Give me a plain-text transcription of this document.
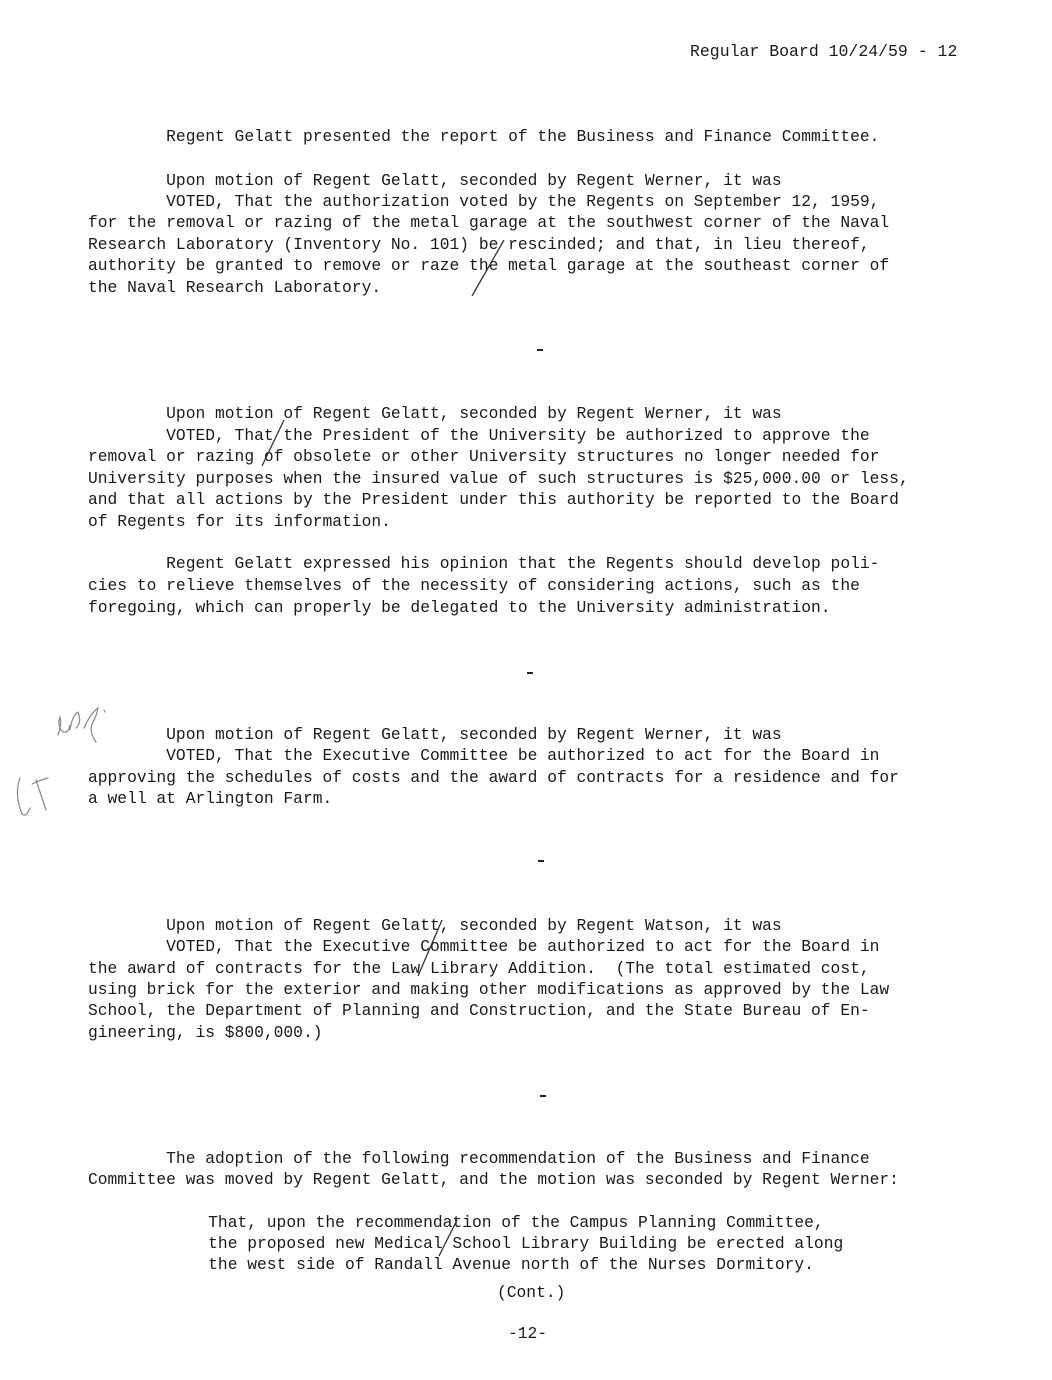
Regular Board 10/24/59 - 12
Regent Gelatt presented the report of the Business and Finance Committee.
Upon motion of Regent Gelatt, seconded by Regent Werner, it was
VOTED, That the authorization voted by the Regents on September 12, 1959,
for the removal or razing of the metal garage at the southwest corner of the Naval
Research Laboratory (Inventory No. 101) be rescinded; and that, in lieu thereof,
authority be granted to remove or raze the metal garage at the southeast corner of
the Naval Research Laboratory.
Upon motion of Regent Gelatt, seconded by Regent Werner, it was
VOTED, That the President of the University be authorized to approve the
removal or razing of obsolete or other University structures no longer needed for
University purposes when the insured value of such structures is $25,000.00 or less,
and that all actions by the President under this authority be reported to the Board
of Regents for its information.
Regent Gelatt expressed his opinion that the Regents should develop poli-
cies to relieve themselves of the necessity of considering actions, such as the
foregoing, which can properly be delegated to the University administration.
Upon motion of Regent Gelatt, seconded by Regent Werner, it was
VOTED, That the Executive Committee be authorized to act for the Board in
approving the schedules of costs and the award of contracts for a residence and for
a well at Arlington Farm.
Upon motion of Regent Gelatt, seconded by Regent Watson, it was
VOTED, That the Executive Committee be authorized to act for the Board in
the award of contracts for the Law Library Addition.  (The total estimated cost,
using brick for the exterior and making other modifications as approved by the Law
School, the Department of Planning and Construction, and the State Bureau of En-
gineering, is $800,000.)
The adoption of the following recommendation of the Business and Finance
Committee was moved by Regent Gelatt, and the motion was seconded by Regent Werner:
That, upon the recommendation of the Campus Planning Committee,
the proposed new Medical School Library Building be erected along
the west side of Randall Avenue north of the Nurses Dormitory.
(Cont.)
-12-
